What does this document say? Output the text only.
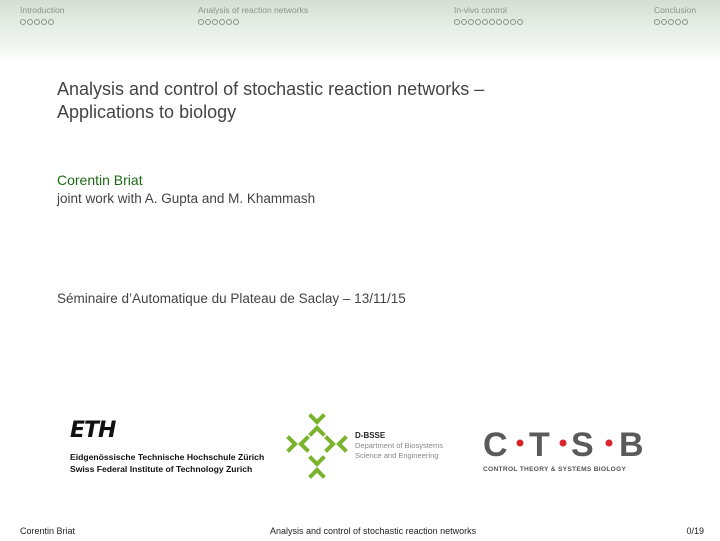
Introduction	Analysis of reaction networks	In-vivo control	Conclusion
Analysis and control of stochastic reaction networks –
Applications to biology
Corentin Briat
joint work with A. Gupta and M. Khammash
Séminaire d’Automatique du Plateau de Saclay – 13/11/15
ETH
Eidgenössische Technische Hochschule Zürich
Swiss Federal Institute of Technology Zurich
D-BSSE
Department of Biosystems
Science and Engineering C T S B
CONTROL THEORY & SYSTEMS BIOLOGY
Corentin Briat	Analysis and control of stochastic reaction networks	0/19
